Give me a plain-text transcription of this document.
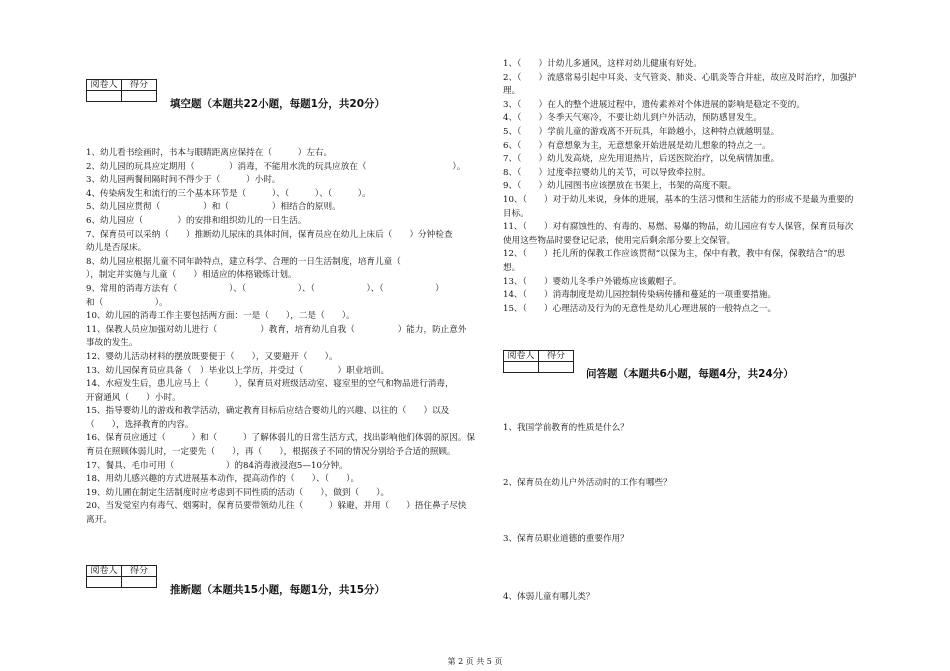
阅卷人	得分

填空题（本题共22小题，每题1分，共20分）
1、幼儿看书绘画时，书本与眼睛距离应保持在（　　　）左右。
2、幼儿园的玩具应定期用（　　　　）消毒，不能用水洗的玩具应放在（　　　　　　　　　　）。
3、幼儿园两餐间隔时间不得少于（　　　）小时。
4、传染病发生和流行的三个基本环节是（　　　）、（　　　）、（　　　）。
5、幼儿园应贯彻（　　　　　）和（　　　　　）相结合的原则。
6、幼儿园应（　　　　）的安排和组织幼儿的一日生活。
7、保育员可以采纳（　　）推断幼儿尿床的具体时间，保育员应在幼儿上床后（　　）分钟检查
幼儿是否尿床。
8、幼儿园应根据儿童不同年龄特点，建立科学、合理的一日生活制度，培育儿童（　　　
），制定并实施与儿童（　　）相适应的体格锻炼计划。
9、常用的消毒方法有（　　　　　　）、（　　　　　　）、（　　　　　　）、（　　　　　　）
和（　　　　　　）。
10、幼儿园的消毒工作主要包括两方面：一是（　　），二是（　　）。
11、保教人员应加强对幼儿进行（　　　　　）教育，培育幼儿自我（　　　　　）能力，防止意外
事故的发生。
12、婴幼儿活动材料的摆放既要便于（　　），又要避开（　　）。
13、幼儿园保育员应具备（　）毕业以上学历，并受过（　　　　）职业培训。
14、水痘发生后，患儿应马上（　　　），保育员对班级活动室、寝室里的空气和物品进行消毒，
开窗通风（　　）小时。
15、指导婴幼儿的游戏和教学活动，确定教育目标后应结合婴幼儿的兴趣、以往的（　　）以及
（　　），选择教育的内容。
16、保育员应通过（　　　）和（　　　）了解体弱儿的日常生活方式，找出影响他们体弱的原因。保
育员在照顾体弱儿时，一定要先（　　），再（　　），根据孩子不同的情况分别给予合适的照顾。
17、餐具、毛巾可用（　　　　　　）的84消毒液浸泡5—10分钟。
18、用幼儿感兴趣的方式进展基本动作，提高动作的（　　）、（　　）。
19、幼儿圃在制定生活制度时应考虑到不同性质的活动（　　），做到（　　）。
20、当发觉室内有毒气、烟雾时，保育员要带领幼儿往（　　　）躲避，并用（　　）捂住鼻子尽快
离开。
阅卷人	得分

推断题（本题共15小题，每题1分，共15分）
1、（　　）计幼儿多通风，这样对幼儿健康有好处。
2、（　　）流感常易引起中耳炎、支气管炎、肺炎、心肌炎等合并症，故应及时治疗，加强护
理。
3、（　　）在人的整个进展过程中，遗传素养对个体进展的影响是稳定不变的。
4、（　　）冬季天气寒冷，不要让幼儿到户外活动，预防感冒发生。
5、（　　）学前儿童的游戏离不开玩具，年龄越小，这种特点就越明显。
6、（　　）有意想象为主，无意想象开始进展是幼儿想象的特点之一。
7、（　　）幼儿发高烧，应先用退热片，后送医院治疗，以免病情加重。
8、（　　）过度牵拉婴幼儿的关节，可以导致牵拉肘。
9、（　　）幼儿园图书应该摆放在书架上，书架的高度不限。
10、（　　）对于幼儿来说，身体的进展，基本的生活习惯和生活能力的形成不是最为重要的
目标。
11、（　　）对有腐蚀性的、有毒的、易燃、易爆的物品，幼儿园应有专人保管，保育员每次
使用这些物品时要登记记录，使用完后剩余部分要上交保管。
12、（　　）托儿所的保教工作应该贯彻“以保为主，保中有教，教中有保，保教结合”的思
想。
13、（　　）婴幼儿冬季户外锻炼应该戴帽子。
14、（　　）消毒制度是幼儿园控制传染病传播和蔓延的一项重要措施。
15、（　　）心理活动及行为的无意性是幼儿心理进展的一般特点之一。
阅卷人	得分

问答题（本题共6小题，每题4分，共24分）
1、我国学前教育的性质是什么？
2、保育员在幼儿户外活动时的工作有哪些？
3、保育员职业道德的重要作用？
4、体弱儿童有哪儿类？
第 2 页 共 5 页
